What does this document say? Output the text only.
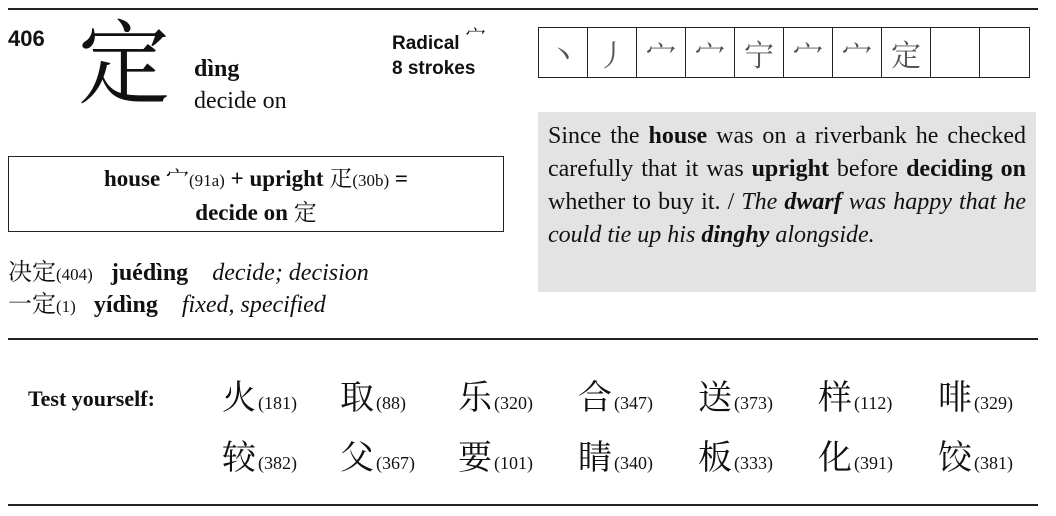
406 定 dìng
decide on
Radical 宀
8 strokes	丶 丿 宀 宀 宁 宀 宀 定
house 宀(91a) + upright 疋(30b) =
decide on 定
Since the house was on a riverbank he checked carefully that it was upright before deciding on whether to buy it. / The dwarf was happy that he could tie up his dinghy alongside.
决定(404) juédìng decide; decision
一定(1) yídìng fixed, specified
Test yourself: 火 (181) 取 (88) 乐 (320) 合 (347) 送 (373) 样 (112) 啡 (329)
较 (382) 父 (367) 要 (101) 睛 (340) 板 (333) 化 (391) 饺 (381)
